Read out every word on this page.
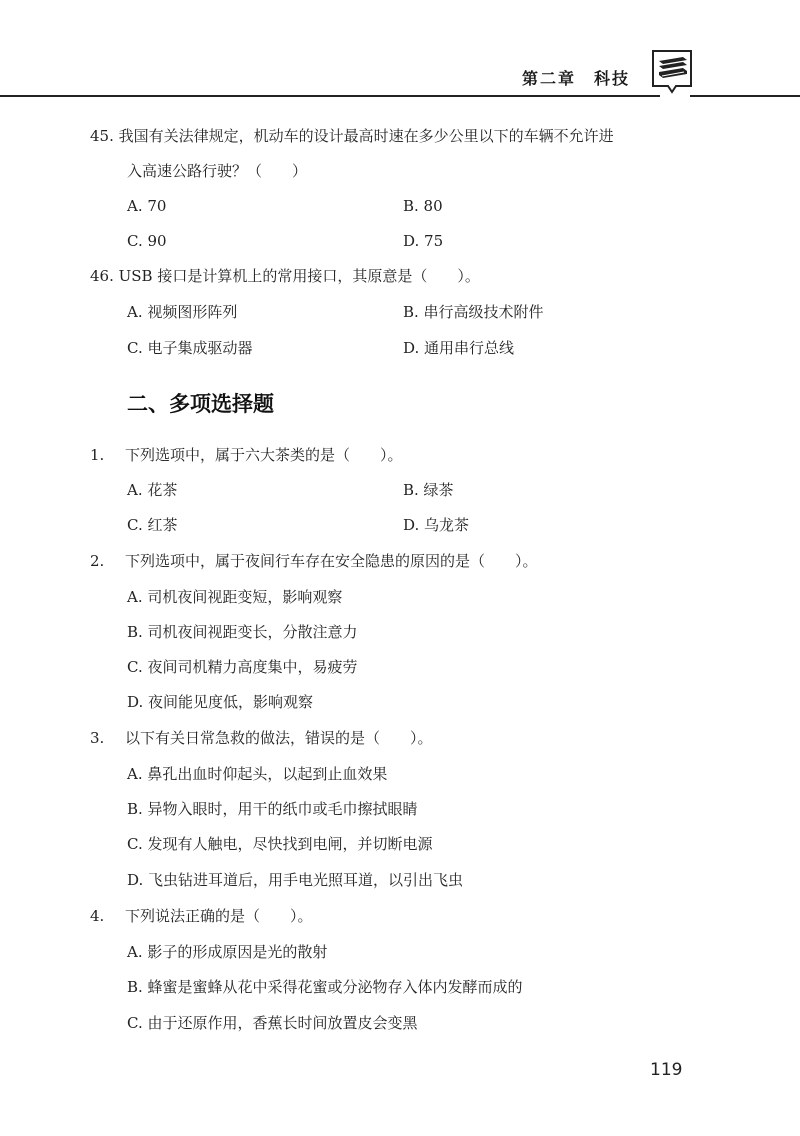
第二章　科技
45. 我国有关法律规定，机动车的设计最高时速在多少公里以下的车辆不允许进
入高速公路行驶？（　　）
A. 70	B. 80
C. 90	D. 75
46. USB 接口是计算机上的常用接口，其原意是（　　）。
A. 视频图形阵列	B. 串行高级技术附件
C. 电子集成驱动器	D. 通用串行总线
二、多项选择题
1. 下列选项中，属于六大茶类的是（　　）。
A. 花茶	B. 绿茶
C. 红茶	D. 乌龙茶
2. 下列选项中，属于夜间行车存在安全隐患的原因的是（　　）。
A. 司机夜间视距变短，影响观察
B. 司机夜间视距变长，分散注意力
C. 夜间司机精力高度集中，易疲劳
D. 夜间能见度低，影响观察
3. 以下有关日常急救的做法，错误的是（　　）。
A. 鼻孔出血时仰起头，以起到止血效果
B. 异物入眼时，用干的纸巾或毛巾擦拭眼睛
C. 发现有人触电，尽快找到电闸，并切断电源
D. 飞虫钻进耳道后，用手电光照耳道，以引出飞虫
4. 下列说法正确的是（　　）。
A. 影子的形成原因是光的散射
B. 蜂蜜是蜜蜂从花中采得花蜜或分泌物存入体内发酵而成的
C. 由于还原作用，香蕉长时间放置皮会变黑
119
